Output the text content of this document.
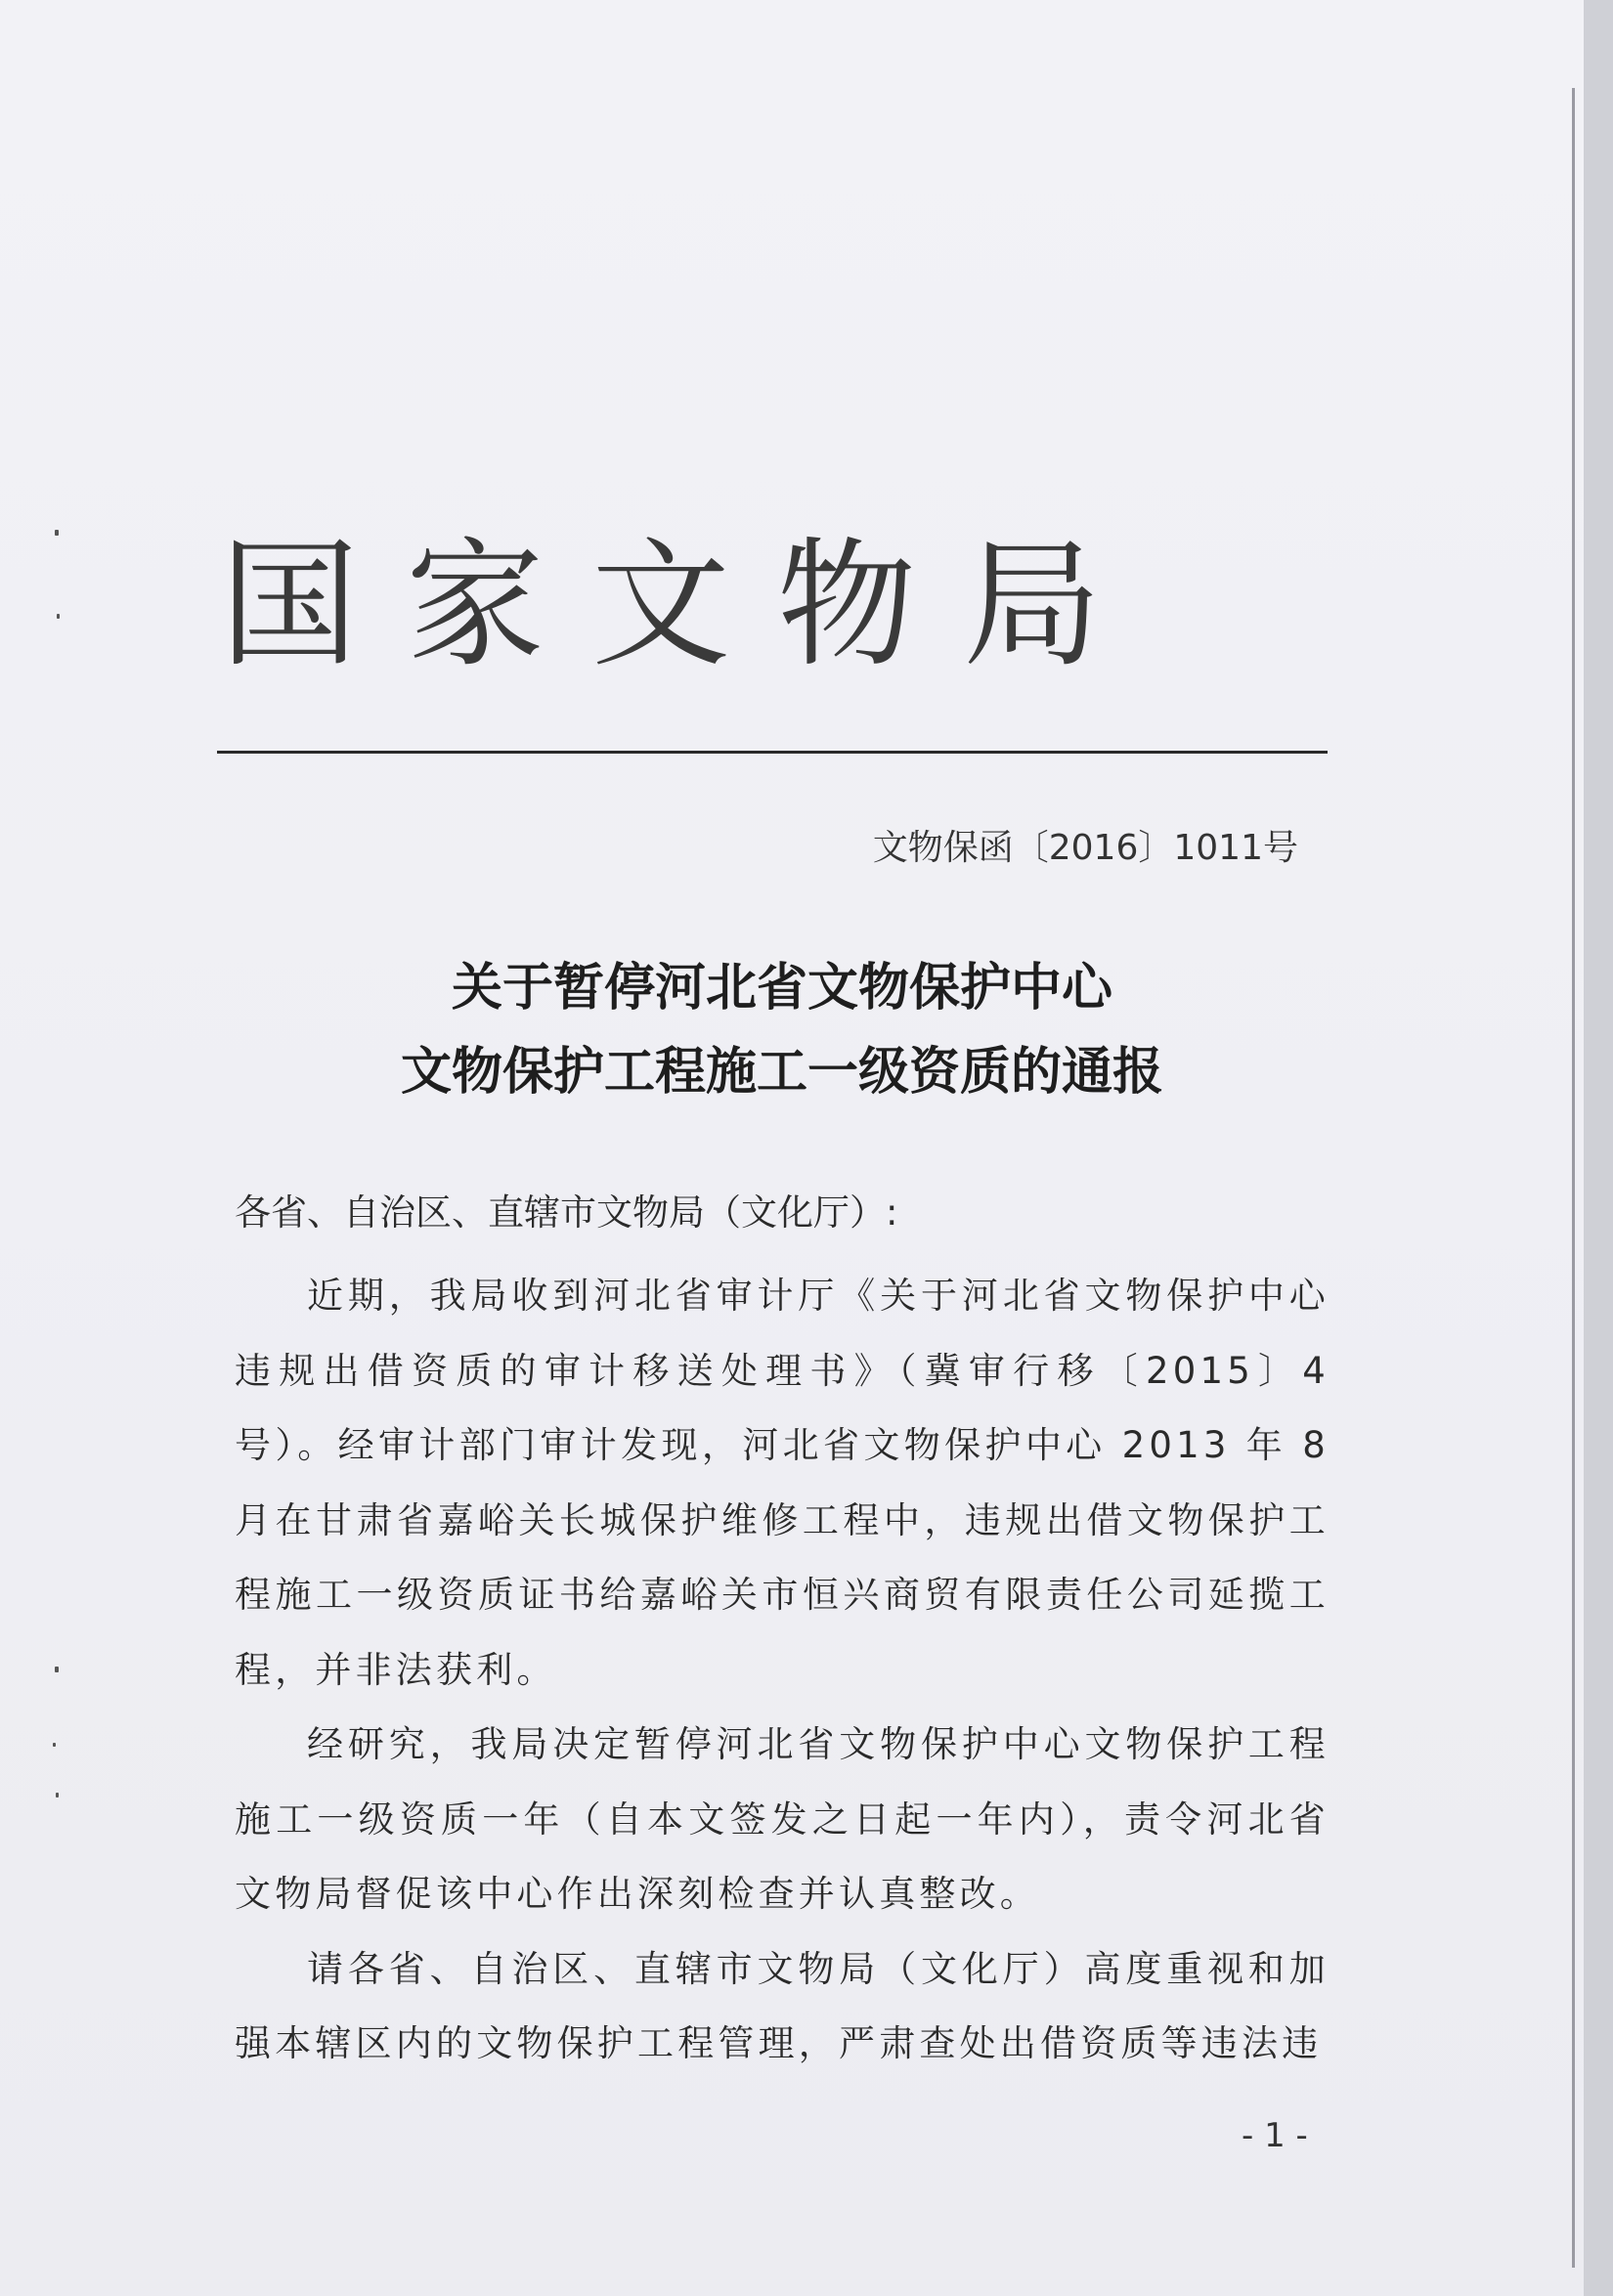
国家文物局
文物保函〔2016〕1011号
关于暂停河北省文物保护中心
文物保护工程施工一级资质的通报
各省、自治区、直辖市文物局（文化厅）:

近期，我局收到河北省审计厅《关于河北省文物保护中心违规出借资质的审计移送处理书》（冀审行移〔2015〕4 号）。经审计部门审计发现，河北省文物保护中心 2013 年 8 月在甘肃省嘉峪关长城保护维修工程中，违规出借文物保护工程施工一级资质证书给嘉峪关市恒兴商贸有限责任公司延揽工程，并非法获利。

经研究，我局决定暂停河北省文物保护中心文物保护工程施工一级资质一年（自本文签发之日起一年内），责令河北省文物局督促该中心作出深刻检查并认真整改。

请各省、自治区、直辖市文物局（文化厅）高度重视和加强本辖区内的文物保护工程管理，严肃查处出借资质等违法违

- 1 -
